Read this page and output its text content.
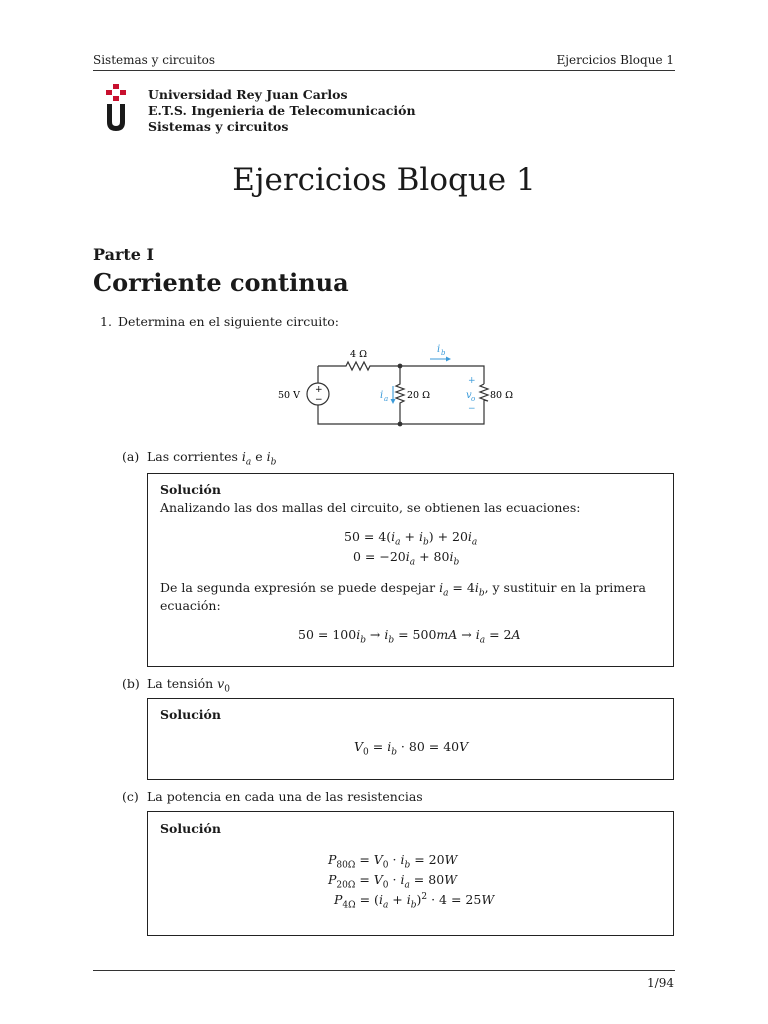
Sistemas y circuitos	Ejercicios Bloque 1
Universidad Rey Juan Carlos
E.T.S. Ingenieria de Telecomunicación
Sistemas y circuitos
Ejercicios Bloque 1
Parte I
Corriente continua
1. Determina en el siguiente circuito:
+
−
50 V
4 Ω
20 Ω	80 Ω
i a
i b
+
v o
−
(a) Las corrientes $i_a$ e $i_b$
Solución
Analizando las dos mallas del circuito, se obtienen las ecuaciones:
$50 = 4(i_a + i_b) + 20i_a$
$0 = -20i_a + 80i_b$
De la segunda expresión se puede despejar $i_a = 4i_b$, y sustituir en la primera
ecuación:
$50 = 100i_b \to i_b = 500mA \to i_a = 2A$
(b) La tensión $v_0$
Solución
$V_0 = i_b \cdot 80 = 40V$
(c) La potencia en cada una de las resistencias
Solución
$P_{80\Omega} = V_0 \cdot i_b = 20W$
$P_{20\Omega} = V_0 \cdot i_a = 80W$
$P_{4\Omega} = (i_a + i_b)^2 \cdot 4 = 25W$
1/94
